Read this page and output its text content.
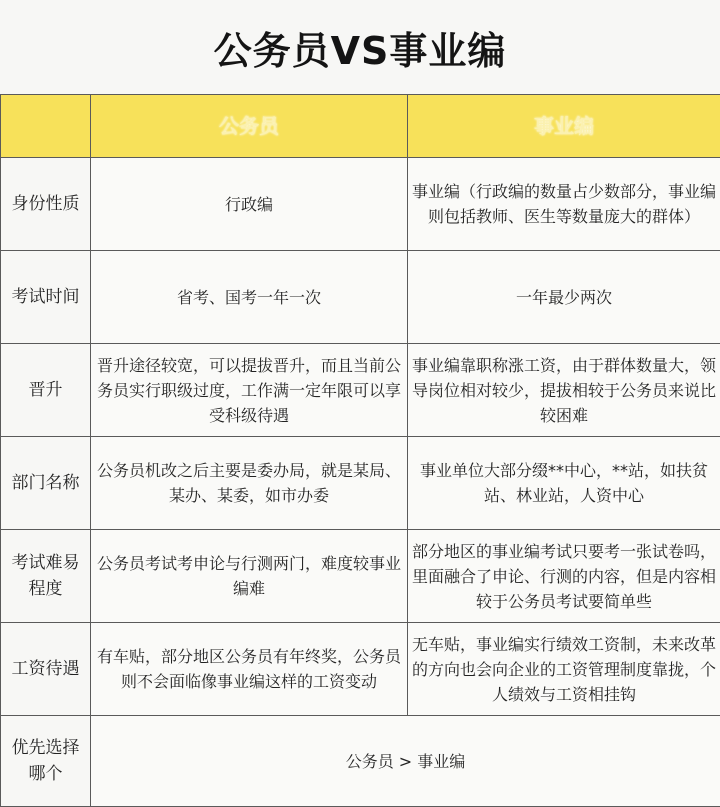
公务员VS事业编
	公务员	事业编
身份性质	行政编	事业编（行政编的数量占少数部分，事业编则包括教师、医生等数量庞大的群体）
考试时间	省考、国考一年一次	一年最少两次
晋升	晋升途径较宽，可以提拔晋升，而且当前公务员实行职级过度，工作满一定年限可以享受科级待遇	事业编靠职称涨工资，由于群体数量大，领导岗位相对较少，提拔相较于公务员来说比较困难
部门名称	公务员机改之后主要是委办局，就是某局、某办、某委，如市办委	事业单位大部分缀**中心，**站，如扶贫站、林业站，人资中心
考试难易程度	公务员考试考申论与行测两门，难度较事业编难	部分地区的事业编考试只要考一张试卷吗，里面融合了申论、行测的内容，但是内容相较于公务员考试要简单些
工资待遇	有车贴，部分地区公务员有年终奖，公务员则不会面临像事业编这样的工资变动	无车贴，事业编实行绩效工资制，未来改革的方向也会向企业的工资管理制度靠拢，个人绩效与工资相挂钩
优先选择哪个	公务员 > 事业编	
